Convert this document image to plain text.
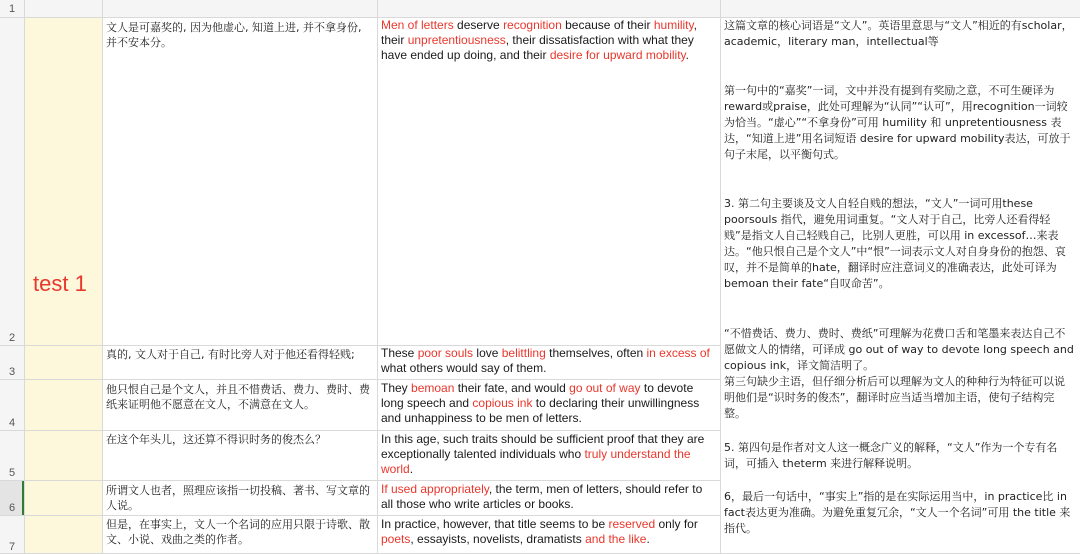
1
2
3
4
5
6
7
test 1
文人是可嘉奖的, 因为他虚心, 知道上进, 并不拿身份, 并不安本分。
真的, 文人对于自己, 有时比旁人对于他还看得轻贱;
他只恨自己是个文人，并且不惜费话、费力、费时、费纸来证明他不愿意在文人，不满意在文人。
在这个年头儿，这还算不得识时务的俊杰么？
所谓文人也者，照理应该指一切投稿、著书、写文章的人说。
但是，在事实上，文人一个名词的应用只限于诗歌、散文、小说、戏曲之类的作者。
Men of letters deserve recognition because of their humility, their unpretentiousness, their dissatisfaction with what they have ended up doing, and their desire for upward mobility.
These poor souls love belittling themselves, often in excess of what others would say of them.
They bemoan their fate, and would go out of way to devote long speech and copious ink to declaring their unwillingness and unhappiness to be men of letters.
In this age, such traits should be sufficient proof that they are exceptionally talented individuals who truly understand the world.
If used appropriately, the term, men of letters, should refer to all those who write articles or books.
In practice, however, that title seems to be reserved only for poets, essayists, novelists, dramatists and the like.
这篇文章的核心词语是“文人”。英语里意思与“文人”相近的有scholar，academic，literary man，intellectual等
第一句中的“嘉奖”一词，文中并没有提到有奖励之意，不可生硬译为reward或praise，此处可理解为“认同”“认可”，用recognition一词较为恰当。“虚心”“不拿身份”可用 humility 和 unpretentiousness 表达，“知道上进”用名词短语 desire for upward mobility表达，可放于句子末尾，以平衡句式。
3. 第二句主要谈及文人自轻自贱的想法，“文人”一词可用these poorsouls 指代，避免用词重复。“文人对于自己，比旁人还看得轻贱”是指文人自己轻贱自己，比别人更胜，可以用 in excessof…来表达。“他只恨自己是个文人”中“恨”一词表示文人对自身身份的抱怨、哀叹，并不是简单的hate，翻译时应注意词义的准确表达，此处可译为bemoan their fate“自叹命苦”。
“不惜费话、费力、费时、费纸”可理解为花费口舌和笔墨来表达自己不愿做文人的情绪，可译成 go out of way to devote long speech and copious ink，译文简洁明了。
第三句缺少主语，但仔细分析后可以理解为文人的种种行为特征可以说明他们是“识时务的俊杰”，翻译时应当适当增加主语，使句子结构完整。
5. 第四句是作者对文人这一概念广义的解释，“文人”作为一个专有名词，可插入 theterm 来进行解释说明。
6，最后一句话中，“事实上”指的是在实际运用当中，in practice比 in fact表达更为准确。为避免重复冗余，“文人一个名词”可用 the title 来指代。
